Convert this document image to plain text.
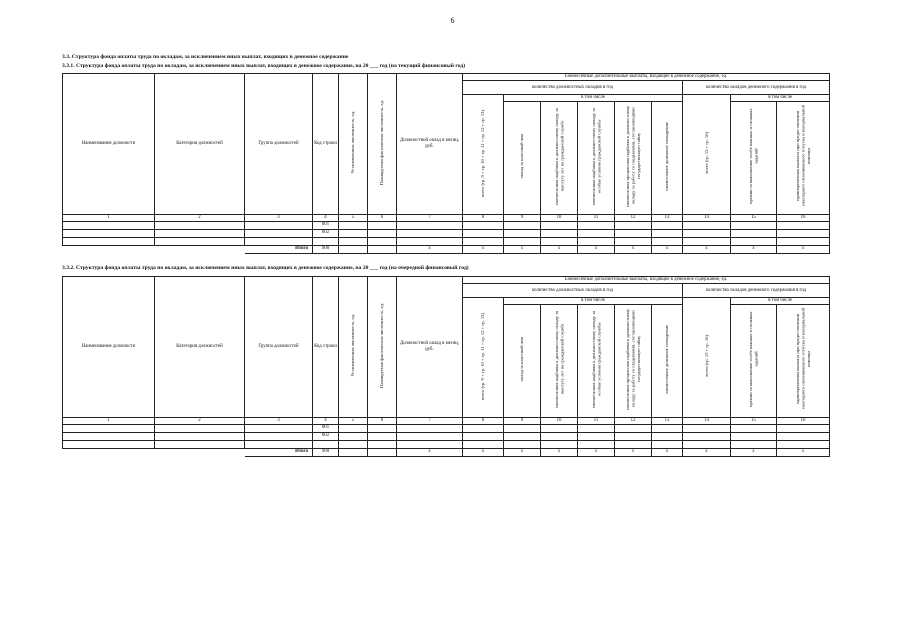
6
3.3. Структура фонда оплаты труда по окладам, за исключением иных выплат, входящих в денежное содержание
3.3.1. Структура фонда оплаты труда по окладам, за исключением иных выплат, входящих в денежное содержание, на 20 ___ год (на текущий финансовый год)
Наименование должности	Категория должностей	Группа должностей	Код строки	Установленная численность, ед.	Планируемая фактическая численность, ед.	Должностной оклад в месяц, руб.	Ежемесячные дополнительные выплаты, входящие в денежное содержание, ед.								
							количество должностных окладов в год						количество окладов денежного содержания в год		
							всего (гр. 9 + гр. 10 + гр. 11 + гр. 12 + гр. 13)	в том числе					всего (гр. 15 + гр. 16)	в том числе	
								оклад за классный чин	ежемесячная надбавка к должностному окладу за выслугу лет на гражданской службе	ежемесячная надбавка к должностному окладу за особые условия гражданской службы	ежемесячная процентная надбавка к должностному окладу за работу со сведениями, составляющими государственную тайну	ежемесячное денежное поощрение		премии за выполнение особо важных и сложных заданий	единовременная выплата при предоставлении ежегодного оплачиваемого отпуска и материальной помощи
1	2	3	4	5	6	7	8	9	10	11	12	13	14	15	16
			001												
			002												

		Итого	900			x	x	x	x	x	x	x	x	x	x
3.3.2. Структура фонда оплаты труда по окладам, за исключением иных выплат, входящих в денежное содержание, на 20 ___ год (на очередной финансовый год)
Наименование должности	Категория должностей	Группа должностей	Код строки	Установленная численность, ед.	Планируемая фактическая численность, ед.	Должностной оклад в месяц, руб.	Ежемесячные дополнительные выплаты, входящие в денежное содержание, ед.								
							количество должностных окладов в год						количество окладов денежного содержания в год		
							всего (гр. 9 + гр. 10 + гр. 11 + гр. 12 + гр. 13)	в том числе					всего (гр. 15 + гр. 16)	в том числе	
								оклад за классный чин	ежемесячная надбавка к должностному окладу за выслугу лет на гражданской службе	ежемесячная надбавка к должностному окладу за особые условия гражданской службы	ежемесячная процентная надбавка к должностному окладу за работу со сведениями, составляющими государственную тайну	ежемесячное денежное поощрение		премии за выполнение особо важных и сложных заданий	единовременная выплата при предоставлении ежегодного оплачиваемого отпуска и материальной помощи
1	2	3	4	5	6	7	8	9	10	11	12	13	14	15	16
			001												
			002												

		Итого	900			x	x	x	x	x	x	x	x	x	x
